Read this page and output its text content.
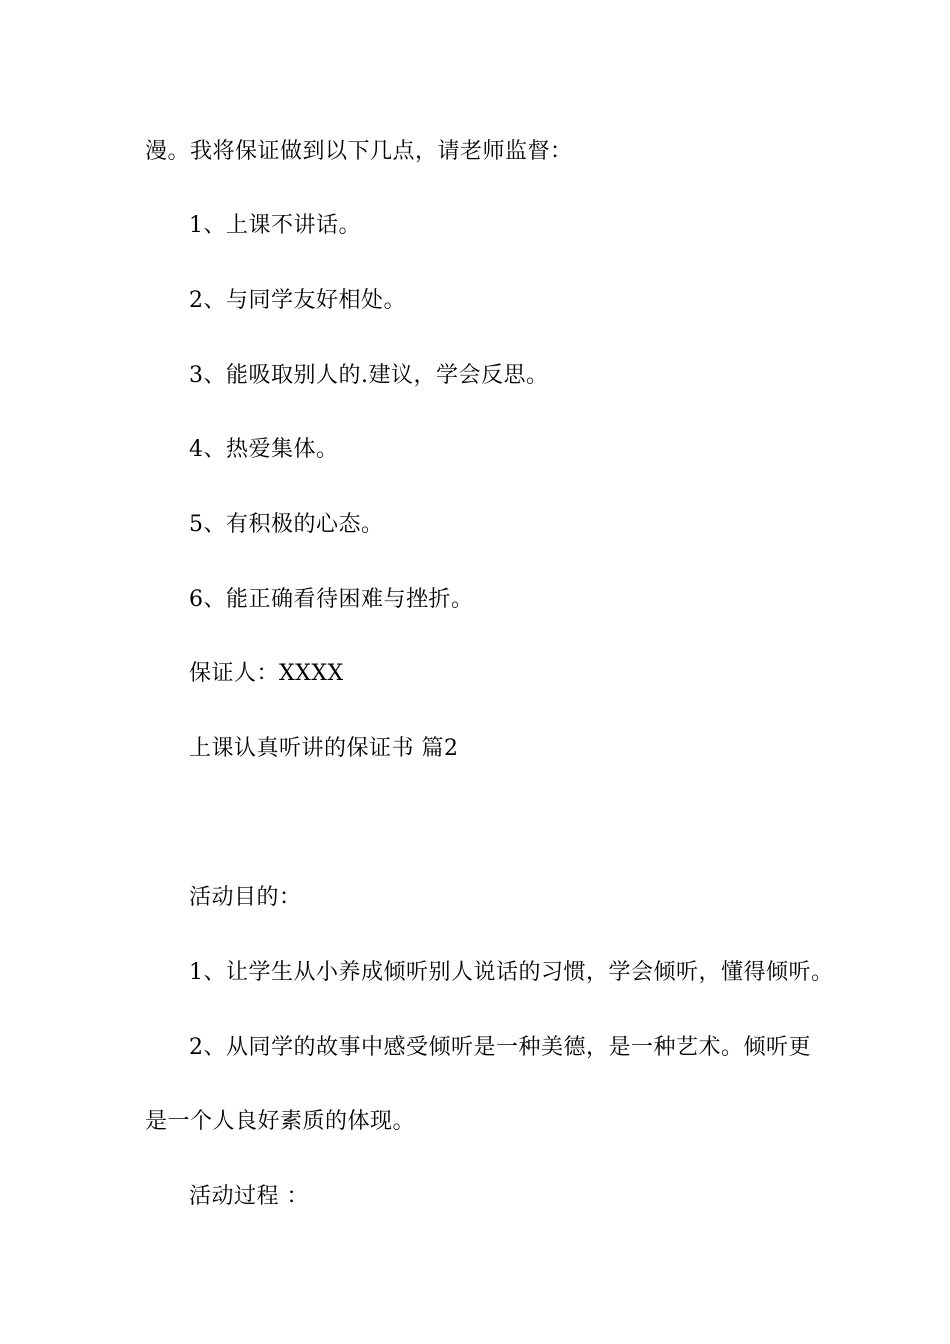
漫。我将保证做到以下几点，请老师监督：
1、上课不讲话。
2、与同学友好相处。
3、能吸取别人的.建议，学会反思。
4、热爱集体。
5、有积极的心态。
6、能正确看待困难与挫折。
保证人：XXXX
上课认真听讲的保证书 篇2
活动目的：
1、让学生从小养成倾听别人说话的习惯，学会倾听，懂得倾听。
2、从同学的故事中感受倾听是一种美德，是一种艺术。倾听更
是一个人良好素质的体现。
活动过程 ：
